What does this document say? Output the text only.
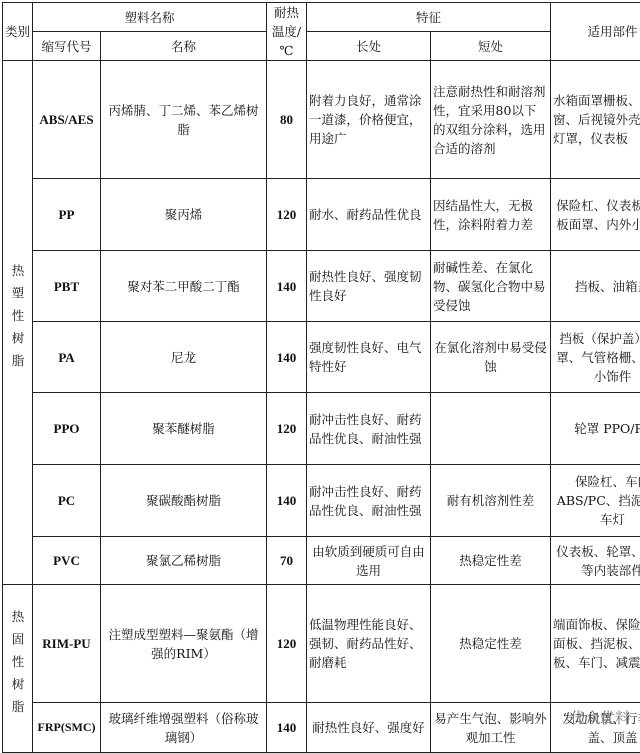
类别	塑料名称		耐热温度/℃	特征		适用部件
	缩写代号	名称		长处	短处	
热塑性树脂	ABS/AES	丙烯腈、丁二烯、苯乙烯树脂	80	附着力良好，通常涂一道漆，价格便宜，用途广	注意耐热性和耐溶剂性，宜采用80以下的双组分涂料，选用合适的溶剂	水箱面罩栅板、 窗、后视镜外壳 灯罩，仪表板
	PP	聚丙烯	120	耐水、耐药品性优良	因结晶性大，无极性，涂料附着力差	保险杠、仪表 板面罩、内外
	PBT	聚对苯二甲酸二丁酯	140	耐热性良好、强度韧性良好	耐碱性差、在氯化物、碳氢化合物中易受侵蚀	挡板、油箱
	PA	尼龙	140	强度韧性良好、电气特性好	在氯化溶剂中易受侵蚀	挡板（保护盖） 罩、气管格栅 小饰件
	PPO	聚苯醚树脂	120	耐冲击性良好、耐药品性优良、耐油性强		轮罩 PPO/
	PC	聚碳酸酯树脂	140	耐冲击性良好、耐药品性优良、耐油性强	耐有机溶剂性差	保险杠、车 ABS/PC、挡 车灯
	PVC	聚氯乙稀树脂	70	由软质到硬质可自由选用	热稳定性差	仪表板、轮罩、 等内装部件
热固性树脂	RIM-PU	注塑成型塑料—聚氨酯（增强的RIM）	120	低温物理性能良好、强韧、耐药品性好、耐磨耗	热稳定性差	端面饰板、保险 面板、挡泥板、 板、车门、减震
	FRP(SMC)	玻璃纤维增强塑料（俗称玻璃钢）	140	耐热性良好、强度好	易产生气泡、影响外观加工性	发动机罩、行 盖、顶盖
优众优料
